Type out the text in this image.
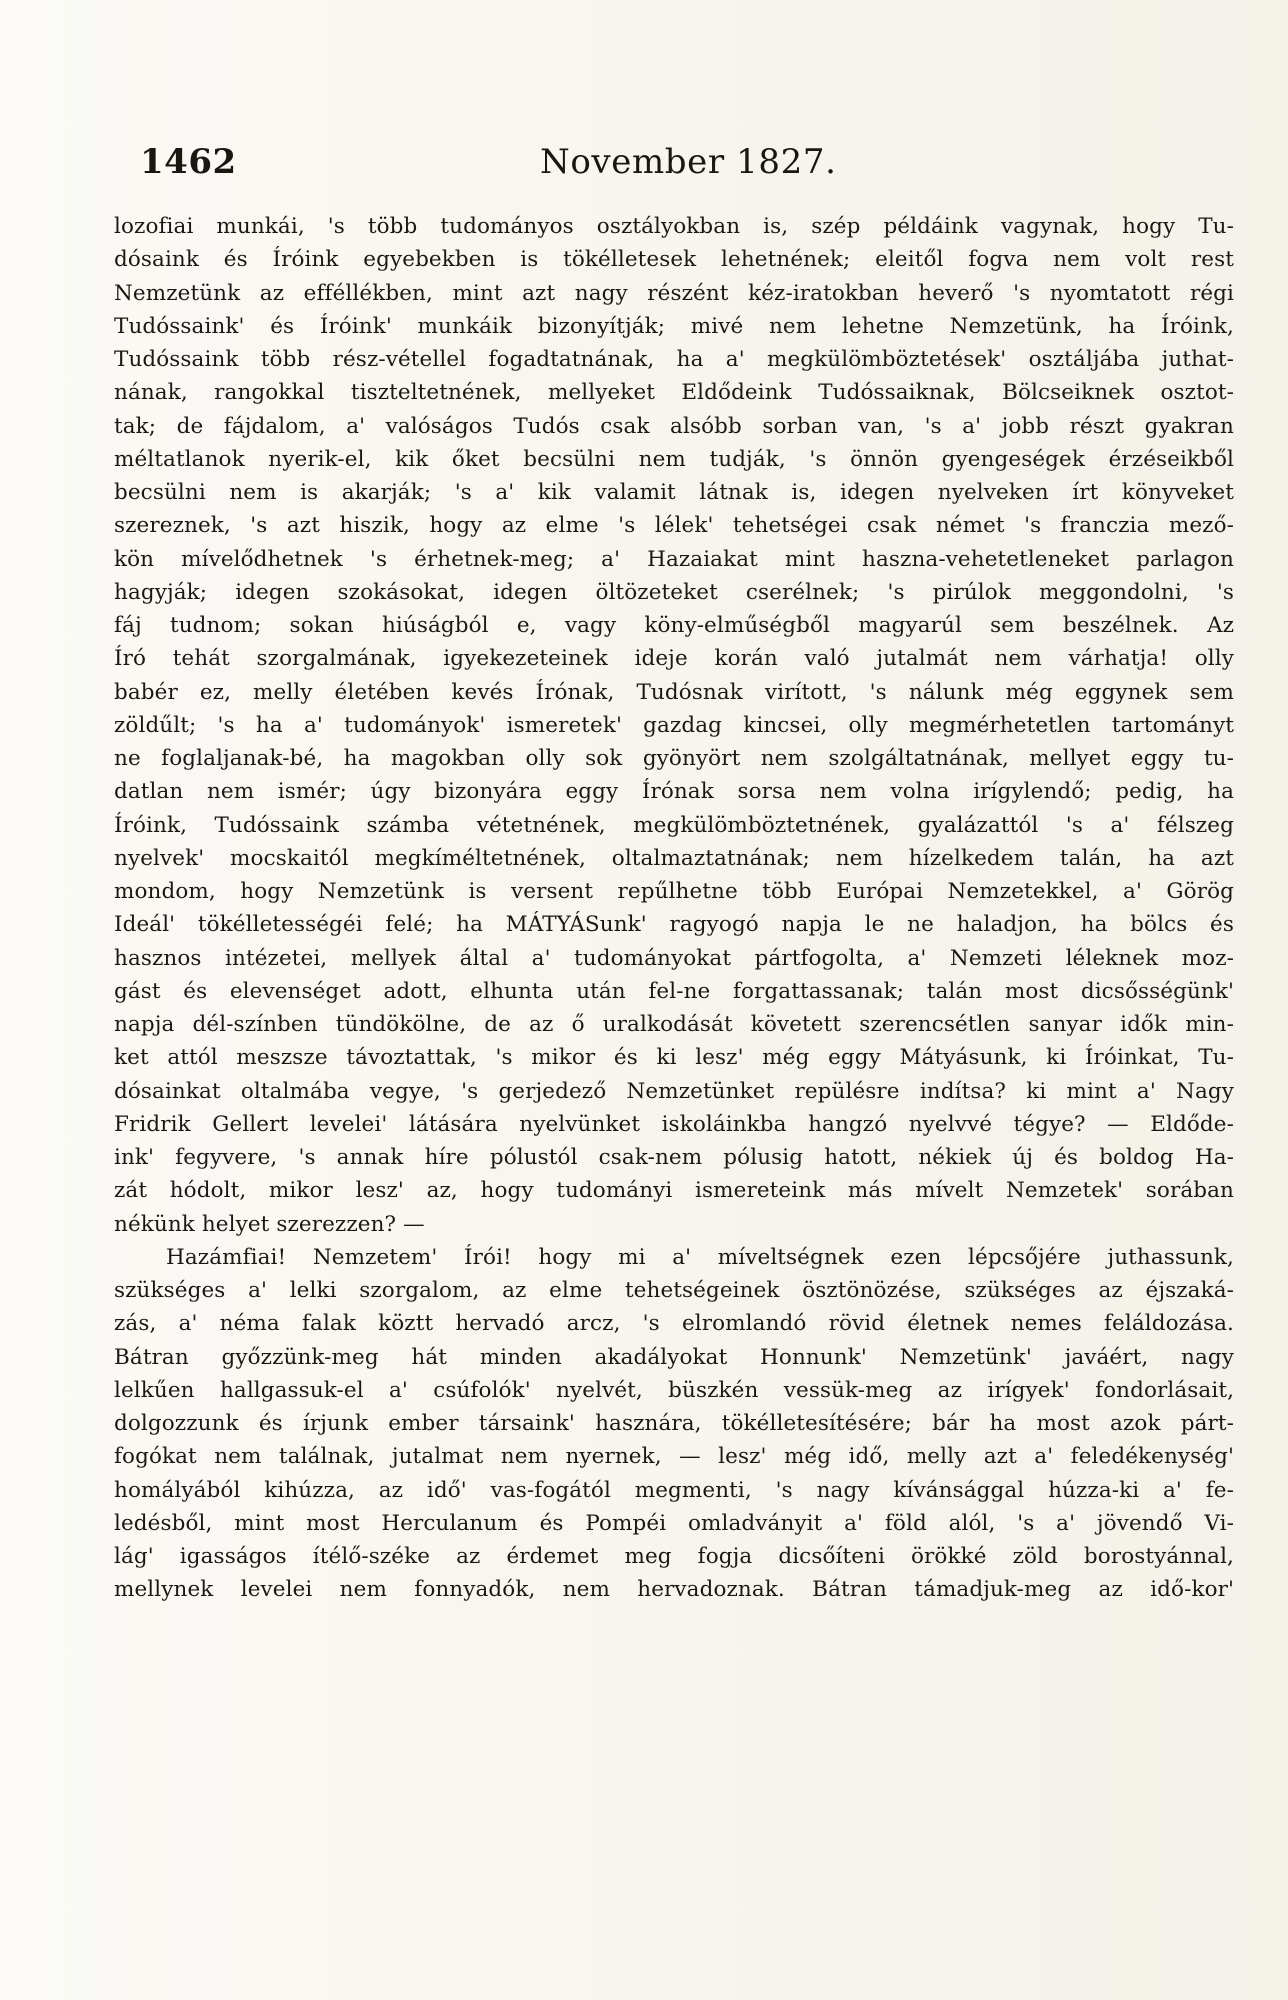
1462	November 1827.
lozofiai munkái, 's több tudományos osztályokban is, szép példáink vagynak, hogy Tu-
dósaink és Íróink egyebekben is tökélletesek lehetnének; eleitől fogva nem volt rest
Nemzetünk az efféllékben, mint azt nagy részént kéz-iratokban heverő 's nyomtatott régi
Tudóssaink' és Íróink' munkáik bizonyítják; mivé nem lehetne Nemzetünk, ha Íróink,
Tudóssaink több rész-vétellel fogadtatnának, ha a' megkülömböztetések' osztáljába juthat-
nának, rangokkal tiszteltetnének, mellyeket Eldődeink Tudóssaiknak, Bölcseiknek osztot-
tak; de fájdalom, a' valóságos Tudós csak alsóbb sorban van, 's a' jobb részt gyakran
méltatlanok nyerik-el, kik őket becsülni nem tudják, 's önnön gyengeségek érzéseikből
becsülni nem is akarják; 's a' kik valamit látnak is, idegen nyelveken írt könyveket
szereznek, 's azt hiszik, hogy az elme 's lélek' tehetségei csak német 's franczia mező-
kön mívelődhetnek 's érhetnek-meg; a' Hazaiakat mint haszna-vehetetleneket parlagon
hagyják; idegen szokásokat, idegen öltözeteket cserélnek; 's pirúlok meggondolni, 's
fáj tudnom; sokan hiúságból e, vagy köny-elműségből magyarúl sem beszélnek. Az
Író tehát szorgalmának, igyekezeteinek ideje korán való jutalmát nem várhatja! olly
babér ez, melly életében kevés Írónak, Tudósnak virított, 's nálunk még eggynek sem
zöldűlt; 's ha a' tudományok' ismeretek' gazdag kincsei, olly megmérhetetlen tartományt
ne foglaljanak-bé, ha magokban olly sok gyönyört nem szolgáltatnának, mellyet eggy tu-
datlan nem ismér; úgy bizonyára eggy Írónak sorsa nem volna irígylendő; pedig, ha
Íróink, Tudóssaink számba vétetnének, megkülömböztetnének, gyalázattól 's a' félszeg
nyelvek' mocskaitól megkíméltetnének, oltalmaztatnának; nem hízelkedem talán, ha azt
mondom, hogy Nemzetünk is versent repűlhetne több Európai Nemzetekkel, a' Görög
Ideál' tökélletességéi felé; ha MÁTYÁSunk' ragyogó napja le ne haladjon, ha bölcs és
hasznos intézetei, mellyek által a' tudományokat pártfogolta, a' Nemzeti léleknek moz-
gást és elevenséget adott, elhunta után fel-ne forgattassanak; talán most dicsősségünk'
napja dél-színben tündökölne, de az ő uralkodását követett szerencsétlen sanyar idők min-
ket attól meszsze távoztattak, 's mikor és ki lesz' még eggy Mátyásunk, ki Íróinkat, Tu-
dósainkat oltalmába vegye, 's gerjedező Nemzetünket repülésre indítsa? ki mint a' Nagy
Fridrik Gellert levelei' látására nyelvünket iskoláinkba hangzó nyelvvé tégye? — Eldőde-
ink' fegyvere, 's annak híre pólustól csak-nem pólusig hatott, nékiek új és boldog Ha-
zát hódolt, mikor lesz' az, hogy tudományi ismereteink más mívelt Nemzetek' sorában
nékünk helyet szerezzen? —
Hazámfiai! Nemzetem' Írói! hogy mi a' míveltségnek ezen lépcsőjére juthassunk,
szükséges a' lelki szorgalom, az elme tehetségeinek ösztönözése, szükséges az éjszaká-
zás, a' néma falak köztt hervadó arcz, 's elromlandó rövid életnek nemes feláldozása.
Bátran győzzünk-meg hát minden akadályokat Honnunk' Nemzetünk' javáért, nagy
lelkűen hallgassuk-el a' csúfolók' nyelvét, büszkén vessük-meg az irígyek' fondorlásait,
dolgozzunk és írjunk ember társaink' hasznára, tökélletesítésére; bár ha most azok párt-
fogókat nem találnak, jutalmat nem nyernek, — lesz' még idő, melly azt a' feledékenység'
homályából kihúzza, az idő' vas-fogától megmenti, 's nagy kívánsággal húzza-ki a' fe-
ledésből, mint most Herculanum és Pompéi omladványit a' föld alól, 's a' jövendő Vi-
lág' igasságos ítélő-széke az érdemet meg fogja dicsőíteni örökké zöld borostyánnal,
mellynek levelei nem fonnyadók, nem hervadoznak. Bátran támadjuk-meg az idő-kor'
